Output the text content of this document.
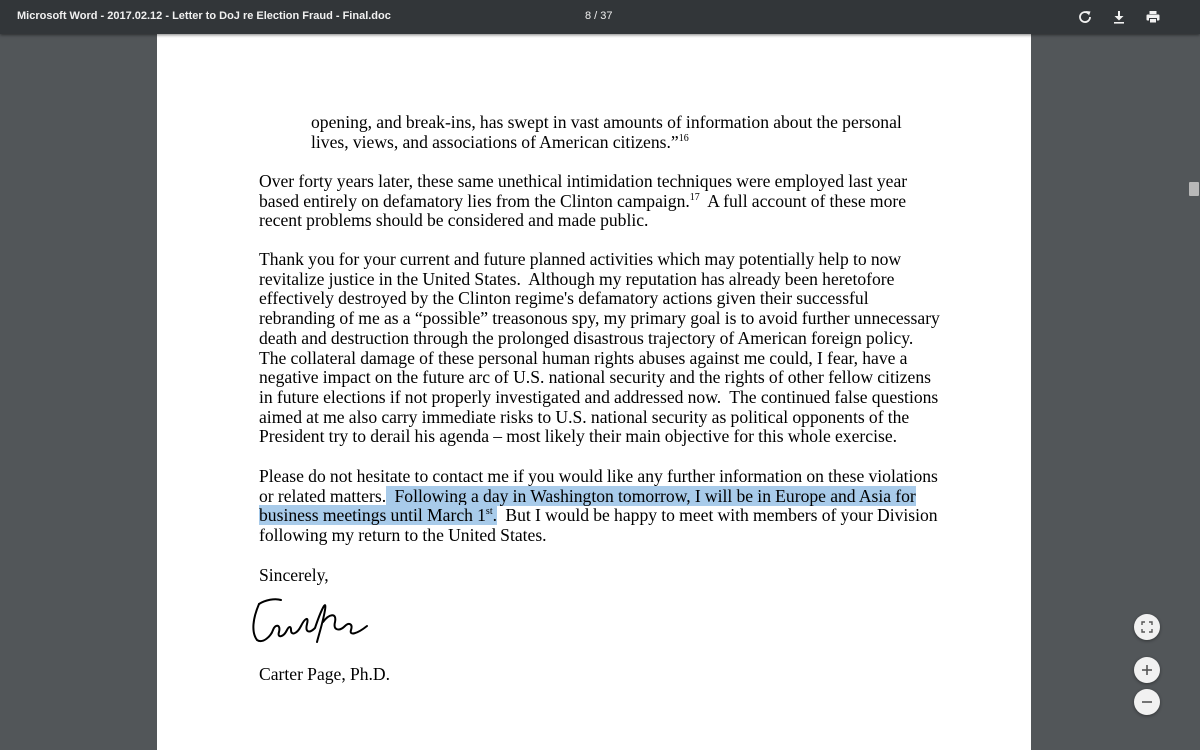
Microsoft Word - 2017.02.12 - Letter to DoJ re Election Fraud - Final.doc	8 / 37

opening, and break-ins, has swept in vast amounts of information about the personal
lives, views, and associations of American citizens.”$^{16}$

Over forty years later, these same unethical intimidation techniques were employed last year
based entirely on defamatory lies from the Clinton campaign.$^{17}$  A full account of these more
recent problems should be considered and made public.

Thank you for your current and future planned activities which may potentially help to now
revitalize justice in the United States.  Although my reputation has already been heretofore
effectively destroyed by the Clinton regime's defamatory actions given their successful
rebranding of me as a “possible” treasonous spy, my primary goal is to avoid further unnecessary
death and destruction through the prolonged disastrous trajectory of American foreign policy.
The collateral damage of these personal human rights abuses against me could, I fear, have a
negative impact on the future arc of U.S. national security and the rights of other fellow citizens
in future elections if not properly investigated and addressed now.  The continued false questions
aimed at me also carry immediate risks to U.S. national security as political opponents of the
President try to derail his agenda – most likely their main objective for this whole exercise.

Please do not hesitate to contact me if you would like any further information on these violations
or related matters.  Following a day in Washington tomorrow, I will be in Europe and Asia for
business meetings until March 1st.  But I would be happy to meet with members of your Division
following my return to the United States.

Sincerely,

Carter Page, Ph.D.
